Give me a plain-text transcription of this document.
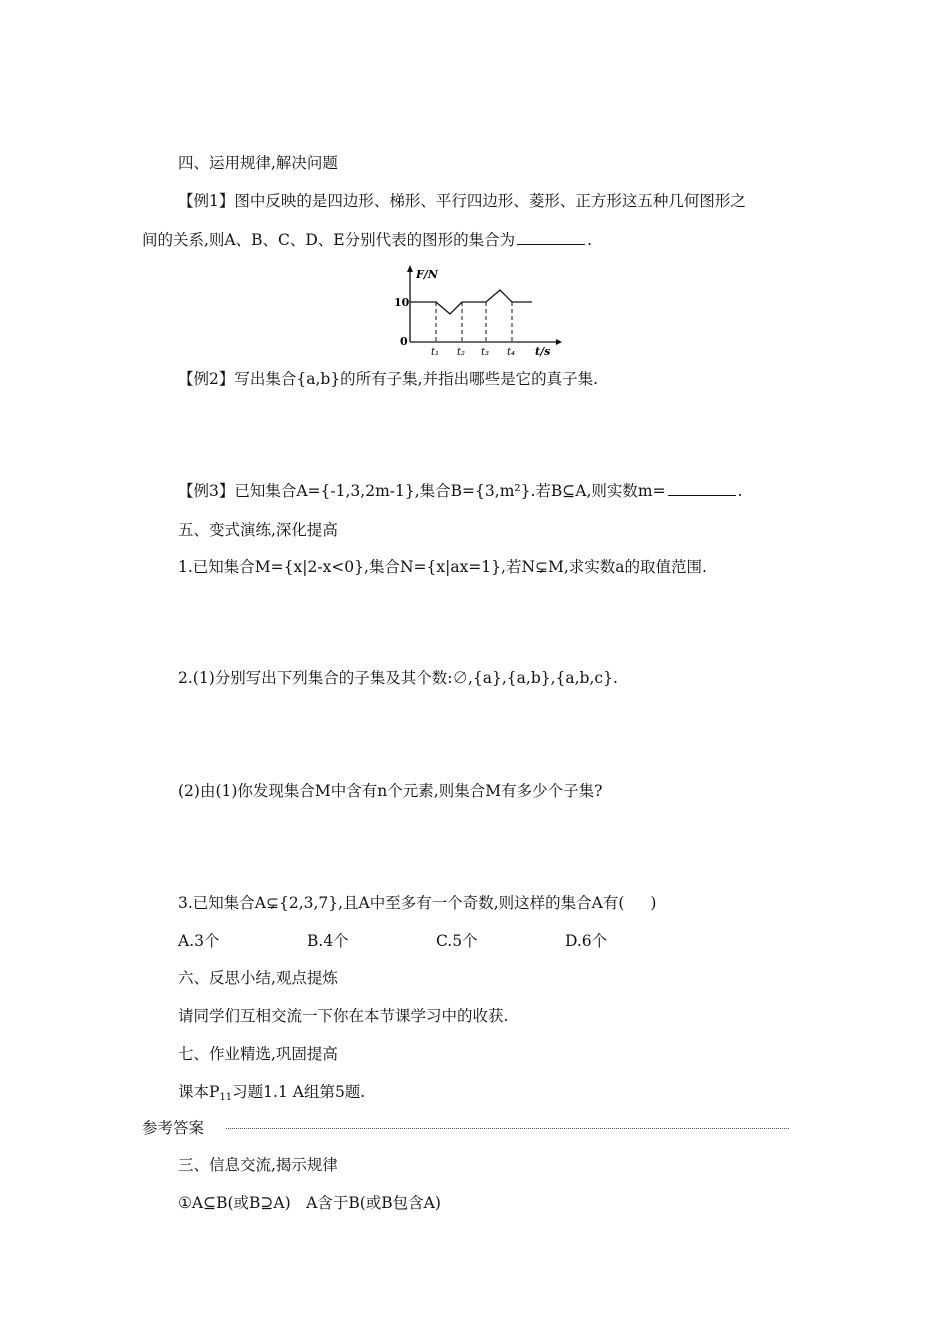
四、运用规律,解决问题
【例1】图中反映的是四边形、梯形、平行四边形、菱形、正方形这五种几何图形之
间的关系,则A、B、C、D、E分别代表的图形的集合为	.
F/N
t/s
10
0
t₁ t₂ t₃ t₄
【例2】写出集合{a,b}的所有子集,并指出哪些是它的真子集.
【例3】已知集合A={-1,3,2m-1},集合B={3,m²}.若B⊆A,则实数m=	.
五、变式演练,深化提高
1.已知集合M={x|2-x<0},集合N={x|ax=1},若N⊊M,求实数a的取值范围.
2.(1)分别写出下列集合的子集及其个数:∅,{a},{a,b},{a,b,c}.
(2)由(1)你发现集合M中含有n个元素,则集合M有多少个子集?
3.已知集合A⊊{2,3,7},且A中至多有一个奇数,则这样的集合A有( )
A.3个	B.4个	C.5个	D.6个
六、反思小结,观点提炼
请同学们互相交流一下你在本节课学习中的收获.
七、作业精选,巩固提高
课本$P_{11}$习题1.1 A组第5题.
参考答案
三、信息交流,揭示规律
①A⊆B(或B⊇A)　A含于B(或B包含A)
